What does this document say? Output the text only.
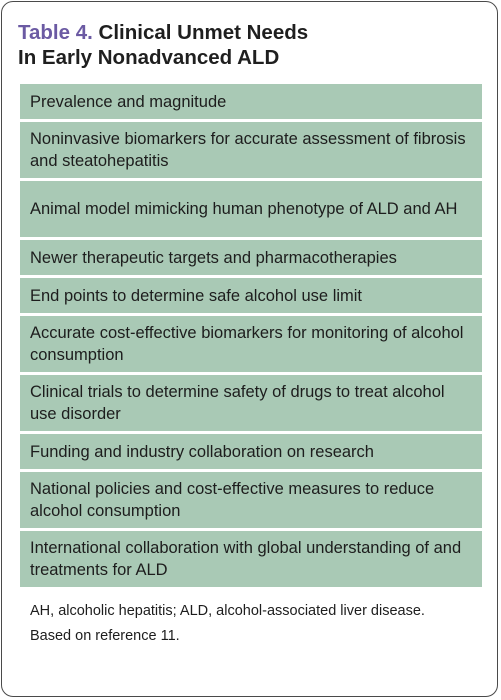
Table 4. Clinical Unmet Needs
In Early Nonadvanced ALD
Prevalence and magnitude
Noninvasive biomarkers for accurate assessment of fibrosis and steatohepatitis
Animal model mimicking human phenotype of ALD and AH
Newer therapeutic targets and pharmacotherapies
End points to determine safe alcohol use limit
Accurate cost-effective biomarkers for monitoring of alcohol consumption
Clinical trials to determine safety of drugs to treat alcohol use disorder
Funding and industry collaboration on research
National policies and cost-effective measures to reduce alcohol consumption
International collaboration with global understanding of and treatments for ALD
AH, alcoholic hepatitis; ALD, alcohol-associated liver disease.
Based on reference 11.
